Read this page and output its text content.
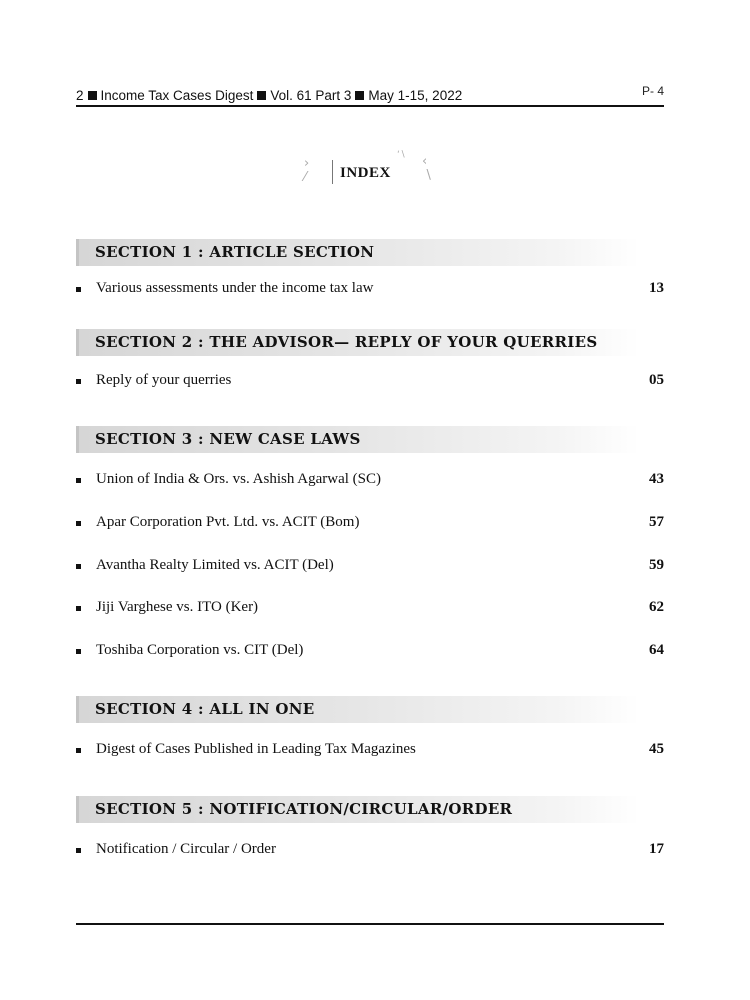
P- 4
2 Income Tax Cases Digest Vol. 61 Part 3 May 1-15, 2022
›
⁄ INDEX
‘∖ ‹
∖
SECTION 1 : ARTICLE SECTION
Various assessments under the income tax law	13
SECTION 2 : THE ADVISOR— REPLY OF YOUR QUERRIES
Reply of your querries	05
SECTION 3 : NEW CASE LAWS
Union of India & Ors. vs. Ashish Agarwal (SC)	43
Apar Corporation Pvt. Ltd. vs. ACIT (Bom)	57
Avantha Realty Limited vs. ACIT (Del)	59
Jiji Varghese vs. ITO (Ker)	62
Toshiba Corporation vs. CIT (Del)	64
SECTION 4 : ALL IN ONE
Digest of Cases Published in Leading Tax Magazines	45
SECTION 5 : NOTIFICATION/CIRCULAR/ORDER
Notification / Circular / Order	17
